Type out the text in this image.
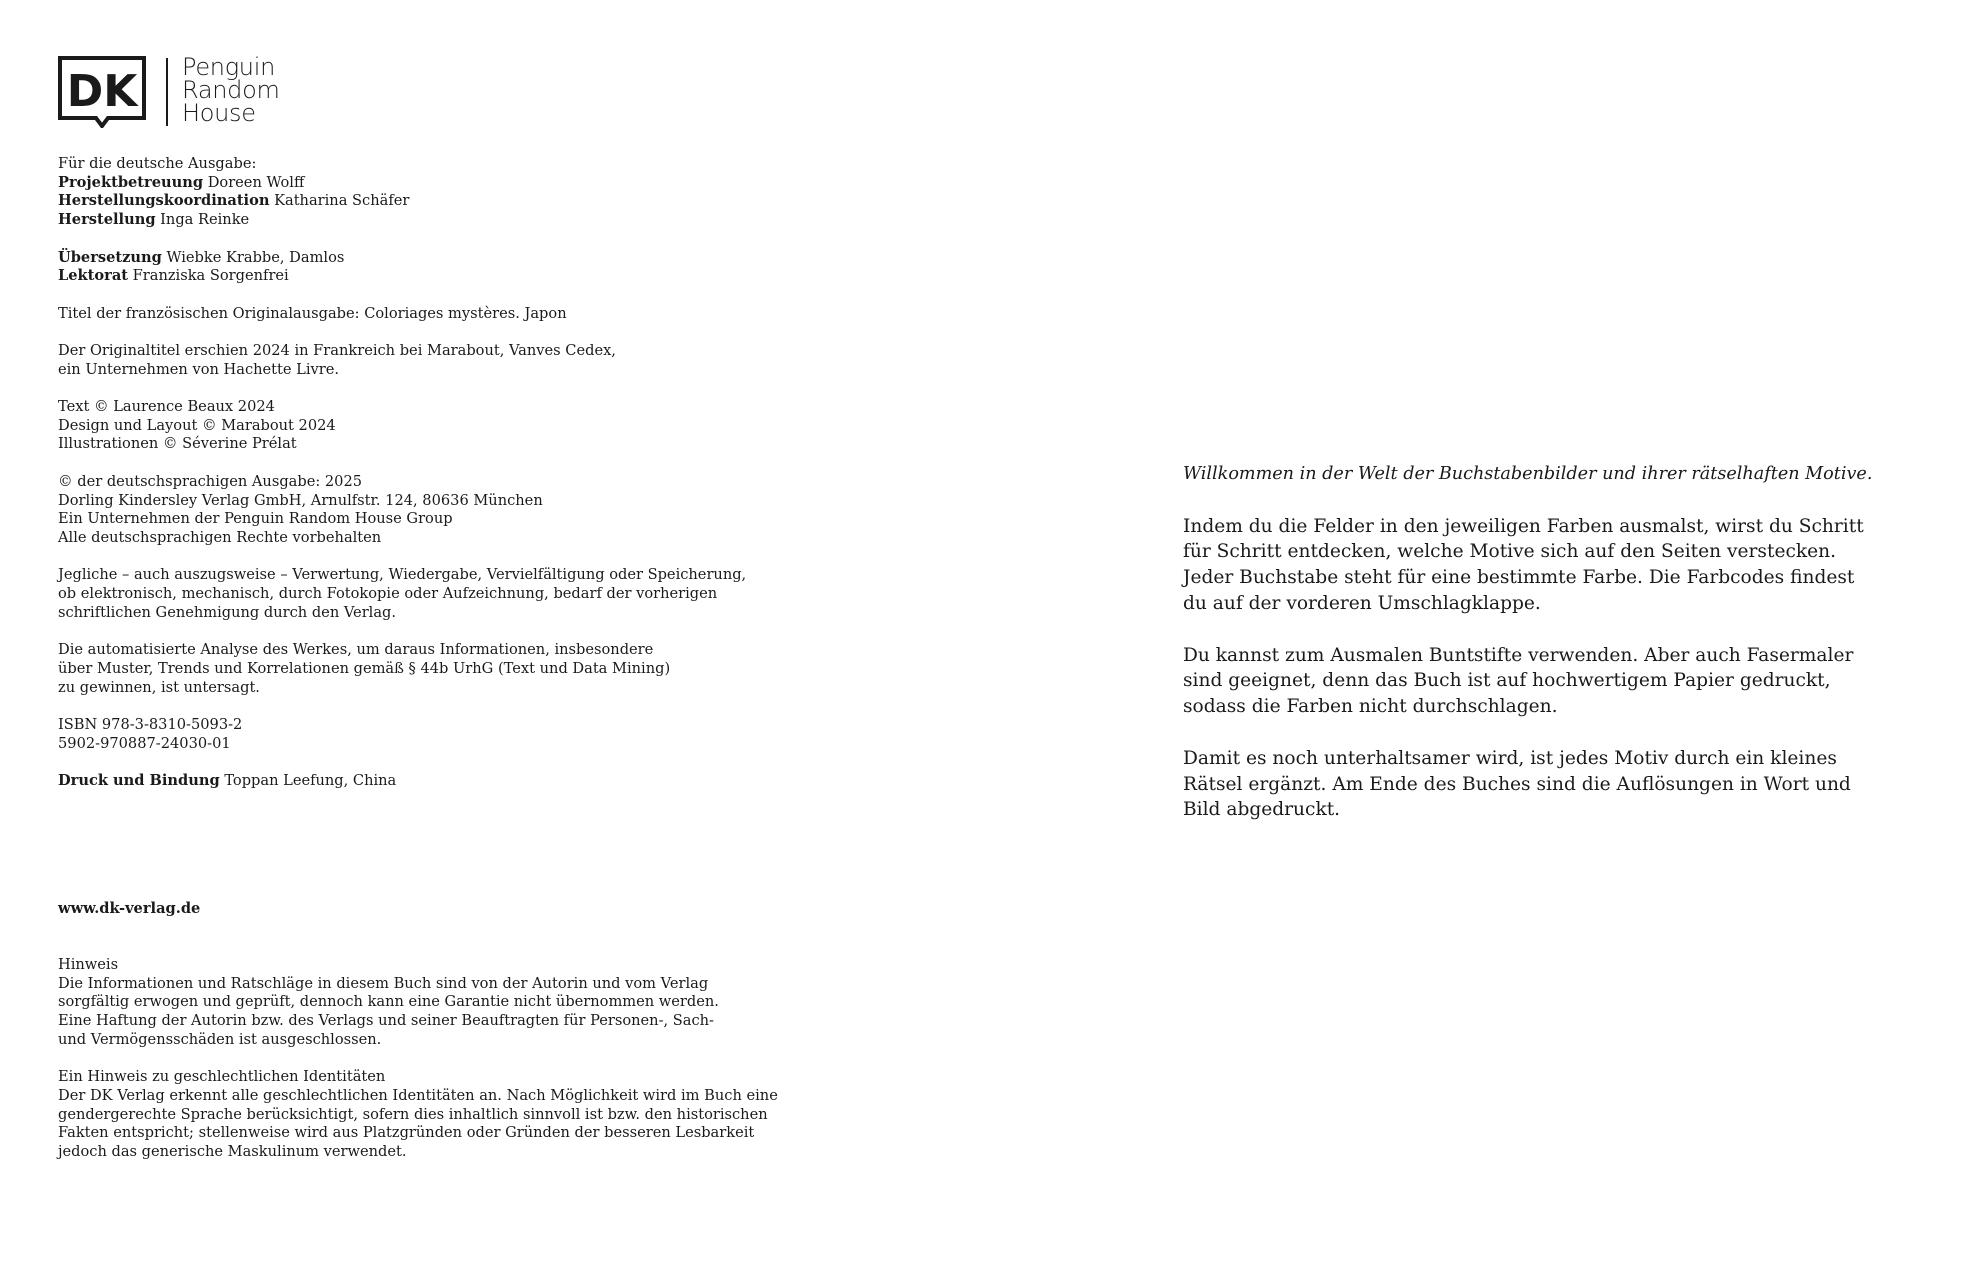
DK Penguin
Random
House

Für die deutsche Ausgabe:

Projektbetreuung Doreen Wolff

Herstellungskoordination Katharina Schäfer

Herstellung Inga Reinke

Übersetzung Wiebke Krabbe, Damlos

Lektorat Franziska Sorgenfrei

Titel der französischen Originalausgabe: Coloriages mystères. Japon

Der Originaltitel erschien 2024 in Frankreich bei Marabout, Vanves Cedex,

ein Unternehmen von Hachette Livre.

Text © Laurence Beaux 2024

Design und Layout © Marabout 2024

Illustrationen © Séverine Prélat

© der deutschsprachigen Ausgabe: 2025

Dorling Kindersley Verlag GmbH, Arnulfstr. 124, 80636 München

Ein Unternehmen der Penguin Random House Group

Alle deutschsprachigen Rechte vorbehalten

Jegliche – auch auszugsweise – Verwertung, Wiedergabe, Vervielfältigung oder Speicherung,

ob elektronisch, mechanisch, durch Fotokopie oder Aufzeichnung, bedarf der vorherigen

schriftlichen Genehmigung durch den Verlag.

Die automatisierte Analyse des Werkes, um daraus Informationen, insbesondere

über Muster, Trends und Korrelationen gemäß § 44b UrhG (Text und Data Mining)

zu gewinnen, ist untersagt.

ISBN 978-3-8310-5093-2

5902-970887-24030-01

Druck und Bindung Toppan Leefung, China

www.dk-verlag.de

Hinweis

Die Informationen und Ratschläge in diesem Buch sind von der Autorin und vom Verlag

sorgfältig erwogen und geprüft, dennoch kann eine Garantie nicht übernommen werden.

Eine Haftung der Autorin bzw. des Verlags und seiner Beauftragten für Personen-, Sach-

und Vermögensschäden ist ausgeschlossen.

Ein Hinweis zu geschlechtlichen Identitäten

Der DK Verlag erkennt alle geschlechtlichen Identitäten an. Nach Möglichkeit wird im Buch eine

gendergerechte Sprache berücksichtigt, sofern dies inhaltlich sinnvoll ist bzw. den historischen

Fakten entspricht; stellenweise wird aus Platzgründen oder Gründen der besseren Lesbarkeit

jedoch das generische Maskulinum verwendet.

Willkommen in der Welt der Buchstabenbilder und ihrer rätselhaften Motive.

Indem du die Felder in den jeweiligen Farben ausmalst, wirst du Schritt

für Schritt entdecken, welche Motive sich auf den Seiten verstecken.

Jeder Buchstabe steht für eine bestimmte Farbe. Die Farbcodes findest

du auf der vorderen Umschlagklappe.

Du kannst zum Ausmalen Buntstifte verwenden. Aber auch Fasermaler

sind geeignet, denn das Buch ist auf hochwertigem Papier gedruckt,

sodass die Farben nicht durchschlagen.

Damit es noch unterhaltsamer wird, ist jedes Motiv durch ein kleines

Rätsel ergänzt. Am Ende des Buches sind die Auflösungen in Wort und

Bild abgedruckt.
